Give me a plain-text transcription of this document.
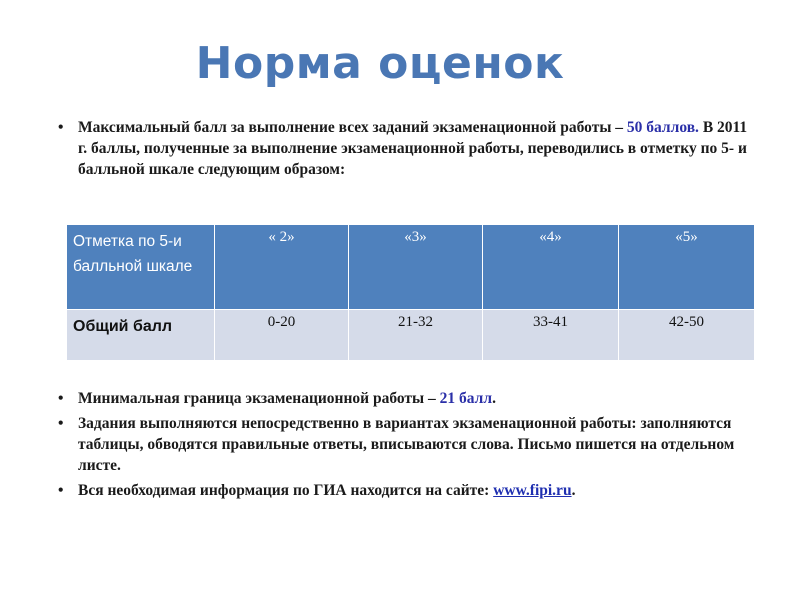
Норма оценок
• Максимальный балл за выполнение всех заданий экзаменационной работы – 50 баллов. В 2011 г. баллы, полученные за выполнение экзаменационной работы, переводились в отметку по 5- и балльной шкале следующим образом:
Отметка по 5-и балльной шкале	« 2»	«3»	«4»	«5»
Общий балл	0-20	21-32	33-41	42-50
• Минимальная граница экзаменационной работы – 21 балл.
• Задания выполняются непосредственно в вариантах экзаменационной работы: заполняются таблицы, обводятся правильные ответы, вписываются слова. Письмо пишется на отдельном листе.
• Вся необходимая информация по ГИА находится на сайте: www.fipi.ru.
